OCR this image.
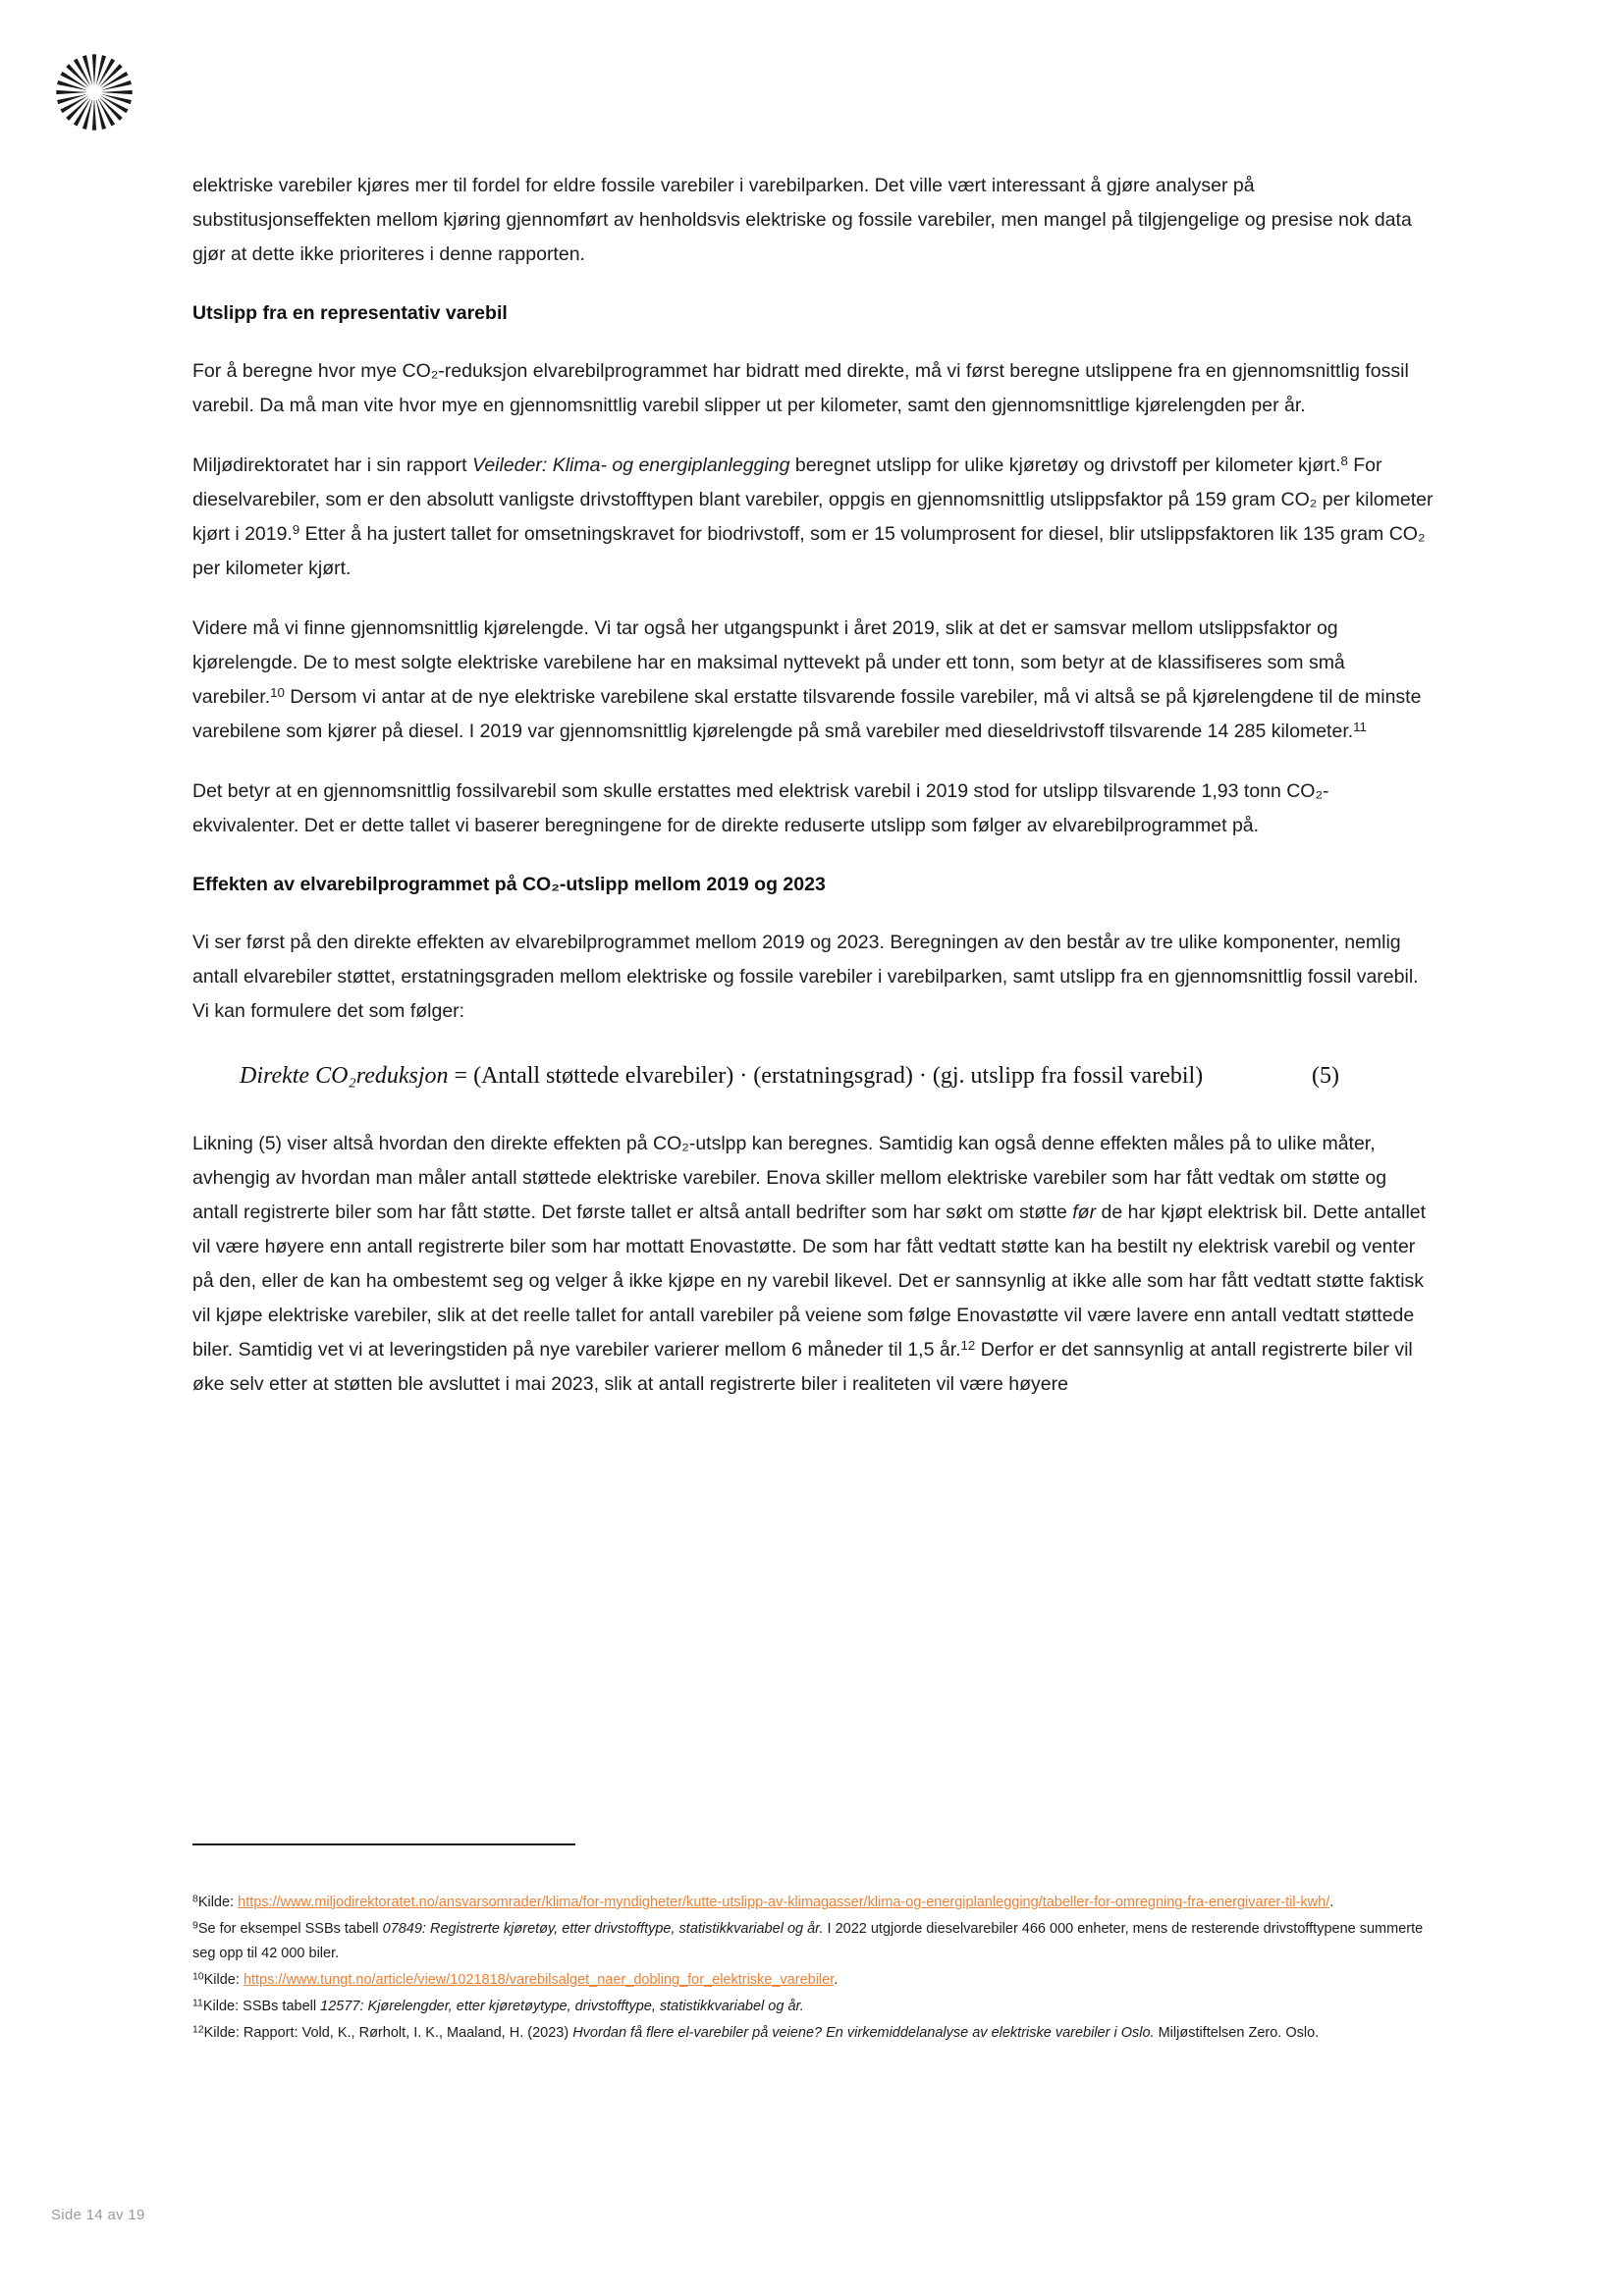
elektriske varebiler kjøres mer til fordel for eldre fossile varebiler i varebilparken. Det ville vært interessant å gjøre analyser på substitusjonseffekten mellom kjøring gjennomført av henholdsvis elektriske og fossile varebiler, men mangel på tilgjengelige og presise nok data gjør at dette ikke prioriteres i denne rapporten.

Utslipp fra en representativ varebil

For å beregne hvor mye CO₂-reduksjon elvarebilprogrammet har bidratt med direkte, må vi først beregne utslippene fra en gjennomsnittlig fossil varebil. Da må man vite hvor mye en gjennomsnittlig varebil slipper ut per kilometer, samt den gjennomsnittlige kjørelengden per år.

Miljødirektoratet har i sin rapport Veileder: Klima- og energiplanlegging beregnet utslipp for ulike kjøretøy og drivstoff per kilometer kjørt.$^8$ For dieselvarebiler, som er den absolutt vanligste drivstofftypen blant varebiler, oppgis en gjennomsnittlig utslippsfaktor på 159 gram CO₂ per kilometer kjørt i 2019.$^9$ Etter å ha justert tallet for omsetningskravet for biodrivstoff, som er 15 volumprosent for diesel, blir utslippsfaktoren lik 135 gram CO₂ per kilometer kjørt.

Videre må vi finne gjennomsnittlig kjørelengde. Vi tar også her utgangspunkt i året 2019, slik at det er samsvar mellom utslippsfaktor og kjørelengde. De to mest solgte elektriske varebilene har en maksimal nyttevekt på under ett tonn, som betyr at de klassifiseres som små varebiler.$^{10}$ Dersom vi antar at de nye elektriske varebilene skal erstatte tilsvarende fossile varebiler, må vi altså se på kjørelengdene til de minste varebilene som kjører på diesel. I 2019 var gjennomsnittlig kjørelengde på små varebiler med dieseldrivstoff tilsvarende 14 285 kilometer.$^{11}$

Det betyr at en gjennomsnittlig fossilvarebil som skulle erstattes med elektrisk varebil i 2019 stod for utslipp tilsvarende 1,93 tonn CO₂-ekvivalenter. Det er dette tallet vi baserer beregningene for de direkte reduserte utslipp som følger av elvarebilprogrammet på.

Effekten av elvarebilprogrammet på CO₂-utslipp mellom 2019 og 2023

Vi ser først på den direkte effekten av elvarebilprogrammet mellom 2019 og 2023. Beregningen av den består av tre ulike komponenter, nemlig antall elvarebiler støttet, erstatningsgraden mellom elektriske og fossile varebiler i varebilparken, samt utslipp fra en gjennomsnittlig fossil varebil. Vi kan formulere det som følger:

Direkte CO₂reduksjon = (Antall støttede elvarebiler) · (erstatningsgrad) · (gj. utslipp fra fossil varebil)	(5)

Likning (5) viser altså hvordan den direkte effekten på CO₂-utslpp kan beregnes. Samtidig kan også denne effekten måles på to ulike måter, avhengig av hvordan man måler antall støttede elektriske varebiler. Enova skiller mellom elektriske varebiler som har fått vedtak om støtte og antall registrerte biler som har fått støtte. Det første tallet er altså antall bedrifter som har søkt om støtte før de har kjøpt elektrisk bil. Dette antallet vil være høyere enn antall registrerte biler som har mottatt Enovastøtte. De som har fått vedtatt støtte kan ha bestilt ny elektrisk varebil og venter på den, eller de kan ha ombestemt seg og velger å ikke kjøpe en ny varebil likevel. Det er sannsynlig at ikke alle som har fått vedtatt støtte faktisk vil kjøpe elektriske varebiler, slik at det reelle tallet for antall varebiler på veiene som følge Enovastøtte vil være lavere enn antall vedtatt støttede biler. Samtidig vet vi at leveringstiden på nye varebiler varierer mellom 6 måneder til 1,5 år.$^{12}$ Derfor er det sannsynlig at antall registrerte biler vil øke selv etter at støtten ble avsluttet i mai 2023, slik at antall registrerte biler i realiteten vil være høyere

$^8$Kilde: https://www.miljodirektoratet.no/ansvarsomrader/klima/for-myndigheter/kutte-utslipp-av-klimagasser/klima-og-energiplanlegging/tabeller-for-omregning-fra-energivarer-til-kwh/.
$^9$Se for eksempel SSBs tabell 07849: Registrerte kjøretøy, etter drivstofftype, statistikkvariabel og år. I 2022 utgjorde dieselvarebiler 466 000 enheter, mens de resterende drivstofftypene summerte seg opp til 42 000 biler.
$^{10}$Kilde: https://www.tungt.no/article/view/1021818/varebilsalget_naer_dobling_for_elektriske_varebiler.
$^{11}$Kilde: SSBs tabell 12577: Kjørelengder, etter kjøretøytype, drivstofftype, statistikkvariabel og år.
$^{12}$Kilde: Rapport: Vold, K., Rørholt, I. K., Maaland, H. (2023) Hvordan få flere el-varebiler på veiene? En virkemiddelanalyse av elektriske varebiler i Oslo. Miljøstiftelsen Zero. Oslo.
Side 14 av 19
